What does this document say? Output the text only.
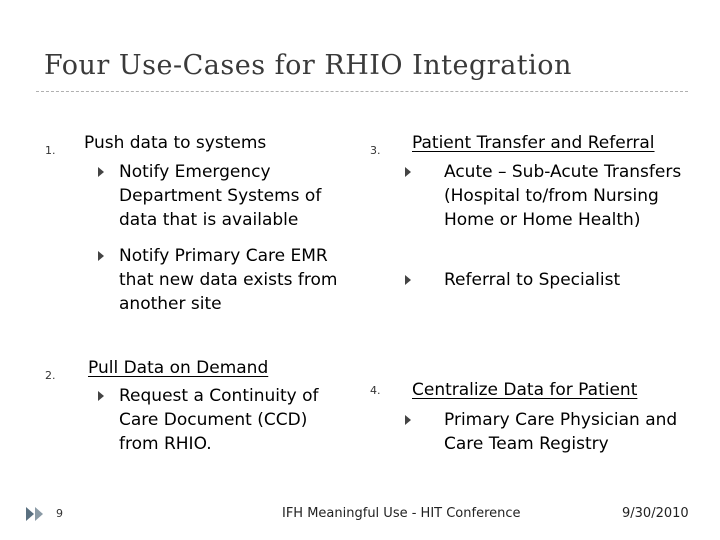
Four Use-Cases for RHIO Integration
1. Push data to systems
Notify Emergency Department Systems of data that is available
Notify Primary Care EMR that new data exists from another site
2. Pull Data on Demand
Request a Continuity of Care Document (CCD) from RHIO.
3. Patient Transfer and Referral
Acute – Sub-Acute Transfers (Hospital to/from Nursing Home or Home Health)
Referral to Specialist
4. Centralize Data for Patient
Primary Care Physician and Care Team Registry
9	IFH Meaningful Use - HIT Conference	9/30/2010
